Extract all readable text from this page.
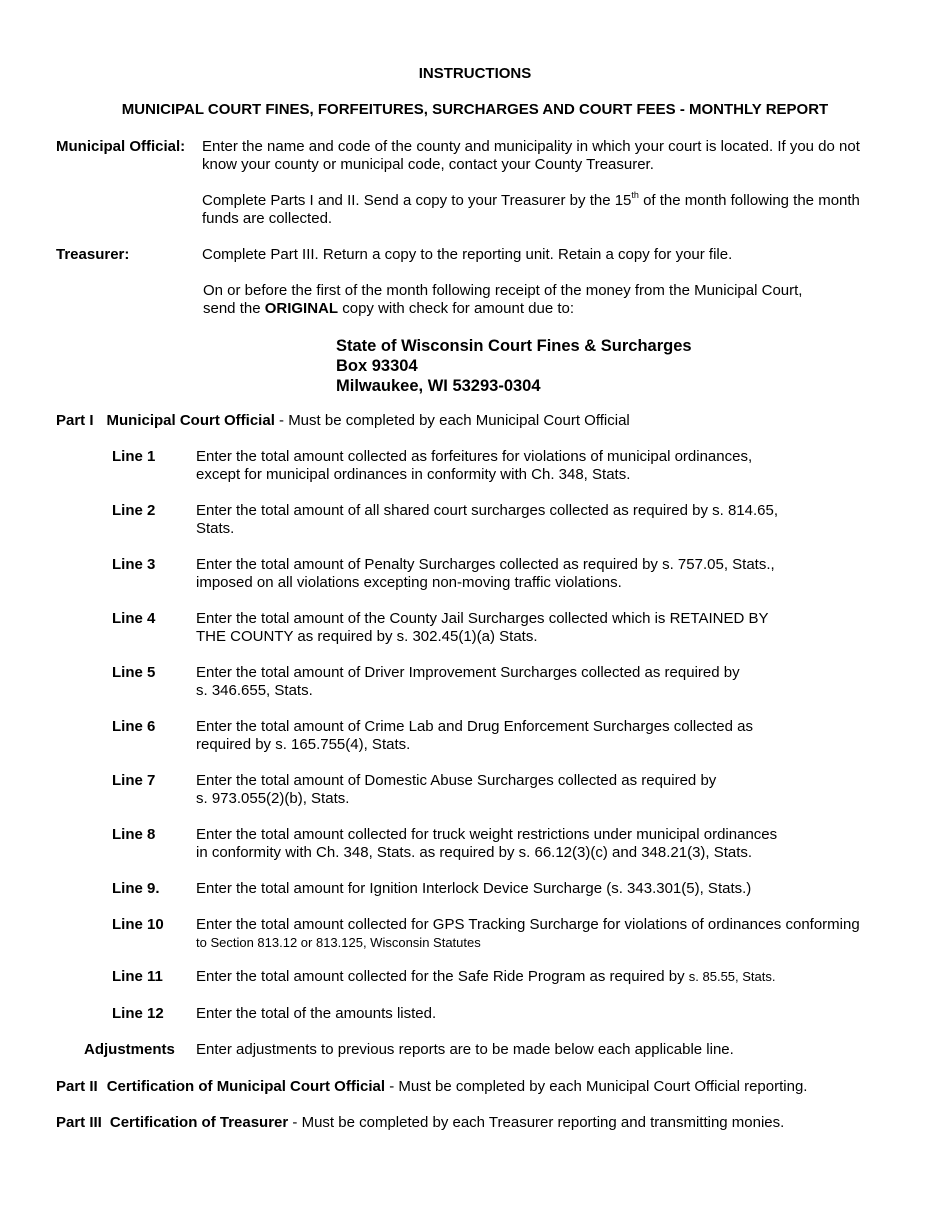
INSTRUCTIONS
MUNICIPAL COURT FINES, FORFEITURES, SURCHARGES AND COURT FEES - MONTHLY REPORT
Municipal Official: Enter the name and code of the county and municipality in which your court is located. If you do not
know your county or municipal code, contact your County Treasurer.
Complete Parts I and II. Send a copy to your Treasurer by the 15th of the month following the month
funds are collected.
Treasurer:	Complete Part III. Return a copy to the reporting unit. Retain a copy for your file.
On or before the first of the month following receipt of the money from the Municipal Court,
send the ORIGINAL copy with check for amount due to:
State of Wisconsin Court Fines & Surcharges
Box 93304
Milwaukee, WI 53293-0304
Part I Municipal Court Official - Must be completed by each Municipal Court Official
Line 1	Enter the total amount collected as forfeitures for violations of municipal ordinances,
except for municipal ordinances in conformity with Ch. 348, Stats.
Line 2	Enter the total amount of all shared court surcharges collected as required by s. 814.65,
Stats.
Line 3	Enter the total amount of Penalty Surcharges collected as required by s. 757.05, Stats.,
imposed on all violations excepting non-moving traffic violations.
Line 4	Enter the total amount of the County Jail Surcharges collected which is RETAINED BY
THE COUNTY as required by s. 302.45(1)(a) Stats.
Line 5	Enter the total amount of Driver Improvement Surcharges collected as required by
s. 346.655, Stats.
Line 6	Enter the total amount of Crime Lab and Drug Enforcement Surcharges collected as
required by s. 165.755(4), Stats.
Line 7	Enter the total amount of Domestic Abuse Surcharges collected as required by
s. 973.055(2)(b), Stats.
Line 8	Enter the total amount collected for truck weight restrictions under municipal ordinances
in conformity with Ch. 348, Stats. as required by s. 66.12(3)(c) and 348.21(3), Stats.
Line 9. Enter the total amount for Ignition Interlock Device Surcharge (s. 343.301(5), Stats.)
Line 10 Enter the total amount collected for GPS Tracking Surcharge for violations of ordinances conforming
to Section 813.12 or 813.125, Wisconsin Statutes
Line 11 Enter the total amount collected for the Safe Ride Program as required by s. 85.55, Stats.
Line 12 Enter the total of the amounts listed.
Adjustments Enter adjustments to previous reports are to be made below each applicable line.
Part II Certification of Municipal Court Official - Must be completed by each Municipal Court Official reporting.
Part III Certification of Treasurer - Must be completed by each Treasurer reporting and transmitting monies.
